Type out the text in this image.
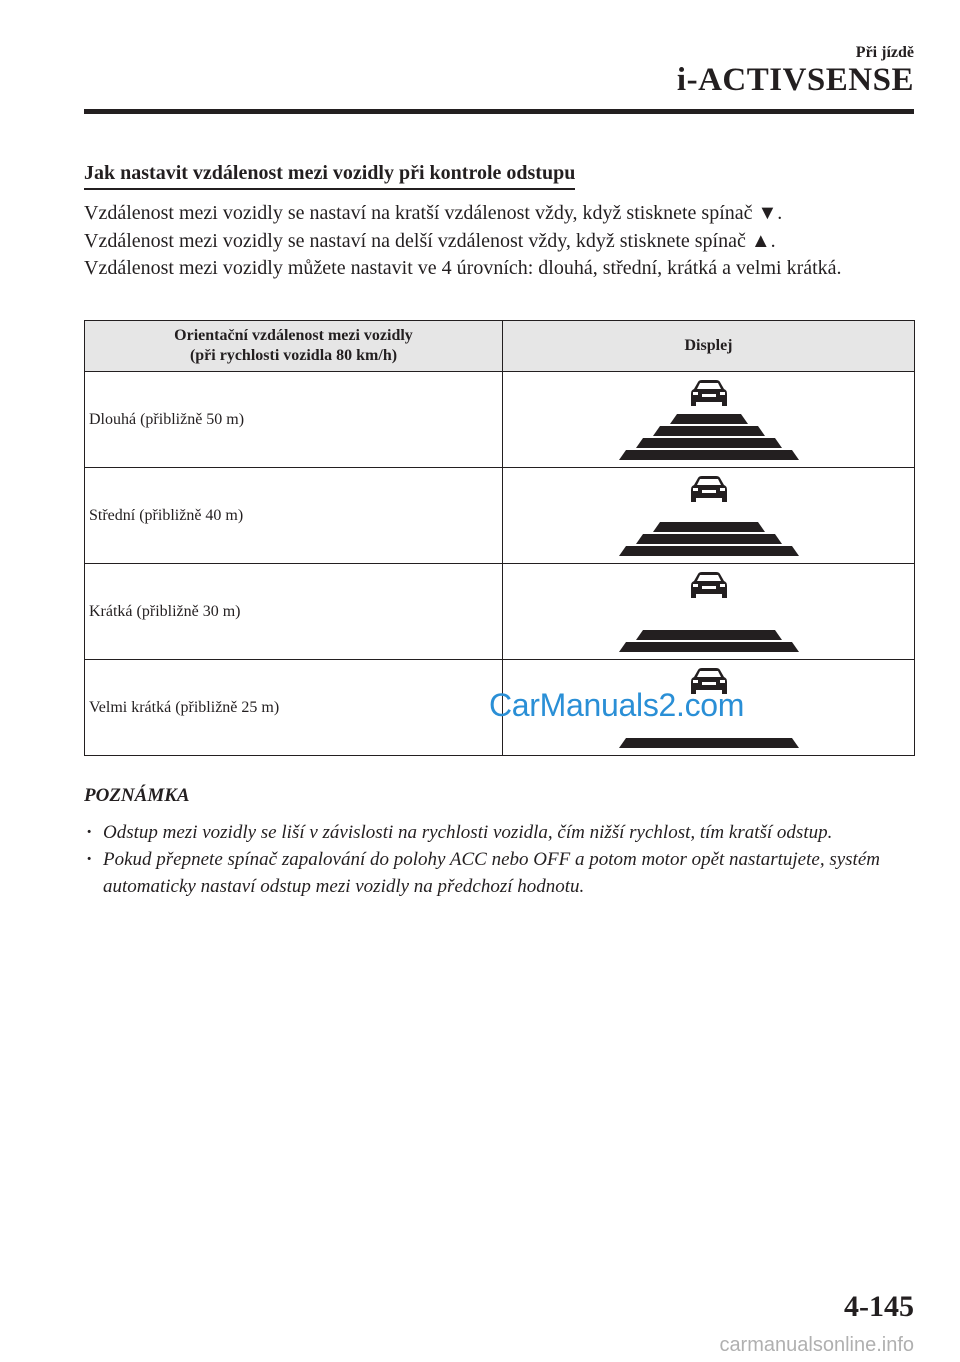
Při jízdě
i-ACTIVSENSE
Jak nastavit vzdálenost mezi vozidly při kontrole odstupu

Vzdálenost mezi vozidly se nastaví na kratší vzdálenost vždy, když stisknete spínač ▼.

Vzdálenost mezi vozidly se nastaví na delší vzdálenost vždy, když stisknete spínač ▲.

Vzdálenost mezi vozidly můžete nastavit ve 4 úrovních: dlouhá, střední, krátká a velmi krátká.

Orientační vzdálenost mezi vozidly
(při rychlosti vozidla 80 km/h)	Displej
Dlouhá (přibližně 50 m)	

Střední (přibližně 40 m)	

Krátká (přibližně 30 m)	

Velmi krátká (přibližně 25 m)		CarManuals2.com
POZNÁMKA
· Odstup mezi vozidly se liší v závislosti na rychlosti vozidla, čím nižší rychlost, tím kratší odstup.
· Pokud přepnete spínač zapalování do polohy ACC nebo OFF a potom motor opět nastartujete, systém automaticky nastaví odstup mezi vozidly na předchozí hodnotu.
4-145
carmanualsonline.info
